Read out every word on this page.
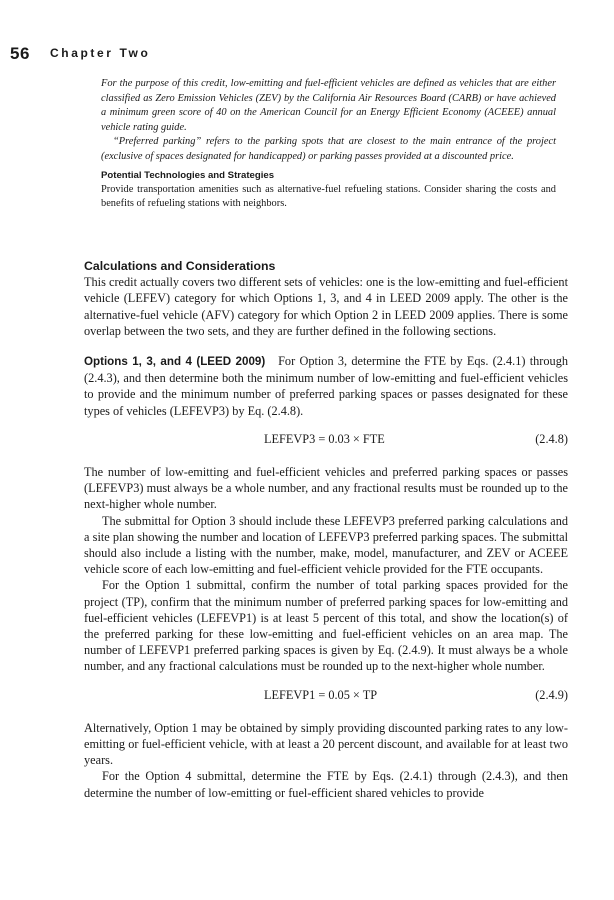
56 Chapter Two

For the purpose of this credit, low-emitting and fuel-efficient vehicles are defined as vehicles that are either classified as Zero Emission Vehicles (ZEV) by the California Air Resources Board (CARB) or have achieved a minimum green score of 40 on the American Council for an Energy Efficient Economy (ACEEE) annual vehicle rating guide.

“Preferred parking” refers to the parking spots that are closest to the main entrance of the project (exclusive of spaces designated for handicapped) or parking passes provided at a discounted price.

Potential Technologies and Strategies

Provide transportation amenities such as alternative-fuel refueling stations. Consider sharing the costs and benefits of refueling stations with neighbors.

Calculations and Considerations

This credit actually covers two different sets of vehicles: one is the low-emitting and fuel-efficient vehicle (LEFEV) category for which Options 1, 3, and 4 in LEED 2009 apply. The other is the alternative-fuel vehicle (AFV) category for which Option 2 in LEED 2009 applies. There is some overlap between the two sets, and they are further defined in the following sections.

Options 1, 3, and 4 (LEED 2009) For Option 3, determine the FTE by Eqs. (2.4.1) through (2.4.3), and then determine both the minimum number of low-emitting and fuel-efficient vehicles to provide and the minimum number of preferred parking spaces or passes designated for these types of vehicles (LEFEVP3) by Eq. (2.4.8).

LEFEVP3 = 0.03 × FTE	(2.4.8)

The number of low-emitting and fuel-efficient vehicles and preferred parking spaces or passes (LEFEVP3) must always be a whole number, and any fractional results must be rounded up to the next-higher whole number.

The submittal for Option 3 should include these LEFEVP3 preferred parking calculations and a site plan showing the number and location of LEFEVP3 preferred parking spaces. The submittal should also include a listing with the number, make, model, manufacturer, and ZEV or ACEEE vehicle score of each low-emitting and fuel-efficient vehicle provided for the FTE occupants.

For the Option 1 submittal, confirm the number of total parking spaces provided for the project (TP), confirm that the minimum number of preferred parking spaces for low-emitting and fuel-efficient vehicles (LEFEVP1) is at least 5 percent of this total, and show the location(s) of the preferred parking for these low-emitting and fuel-efficient vehicles on an area map. The number of LEFEVP1 preferred parking spaces is given by Eq. (2.4.9). It must always be a whole number, and any fractional calculations must be rounded up to the next-higher whole number.

LEFEVP1 = 0.05 × TP	(2.4.9)

Alternatively, Option 1 may be obtained by simply providing discounted parking rates to any low-emitting or fuel-efficient vehicle, with at least a 20 percent discount, and available for at least two years.

For the Option 4 submittal, determine the FTE by Eqs. (2.4.1) through (2.4.3), and then determine the number of low-emitting or fuel-efficient shared vehicles to provide
